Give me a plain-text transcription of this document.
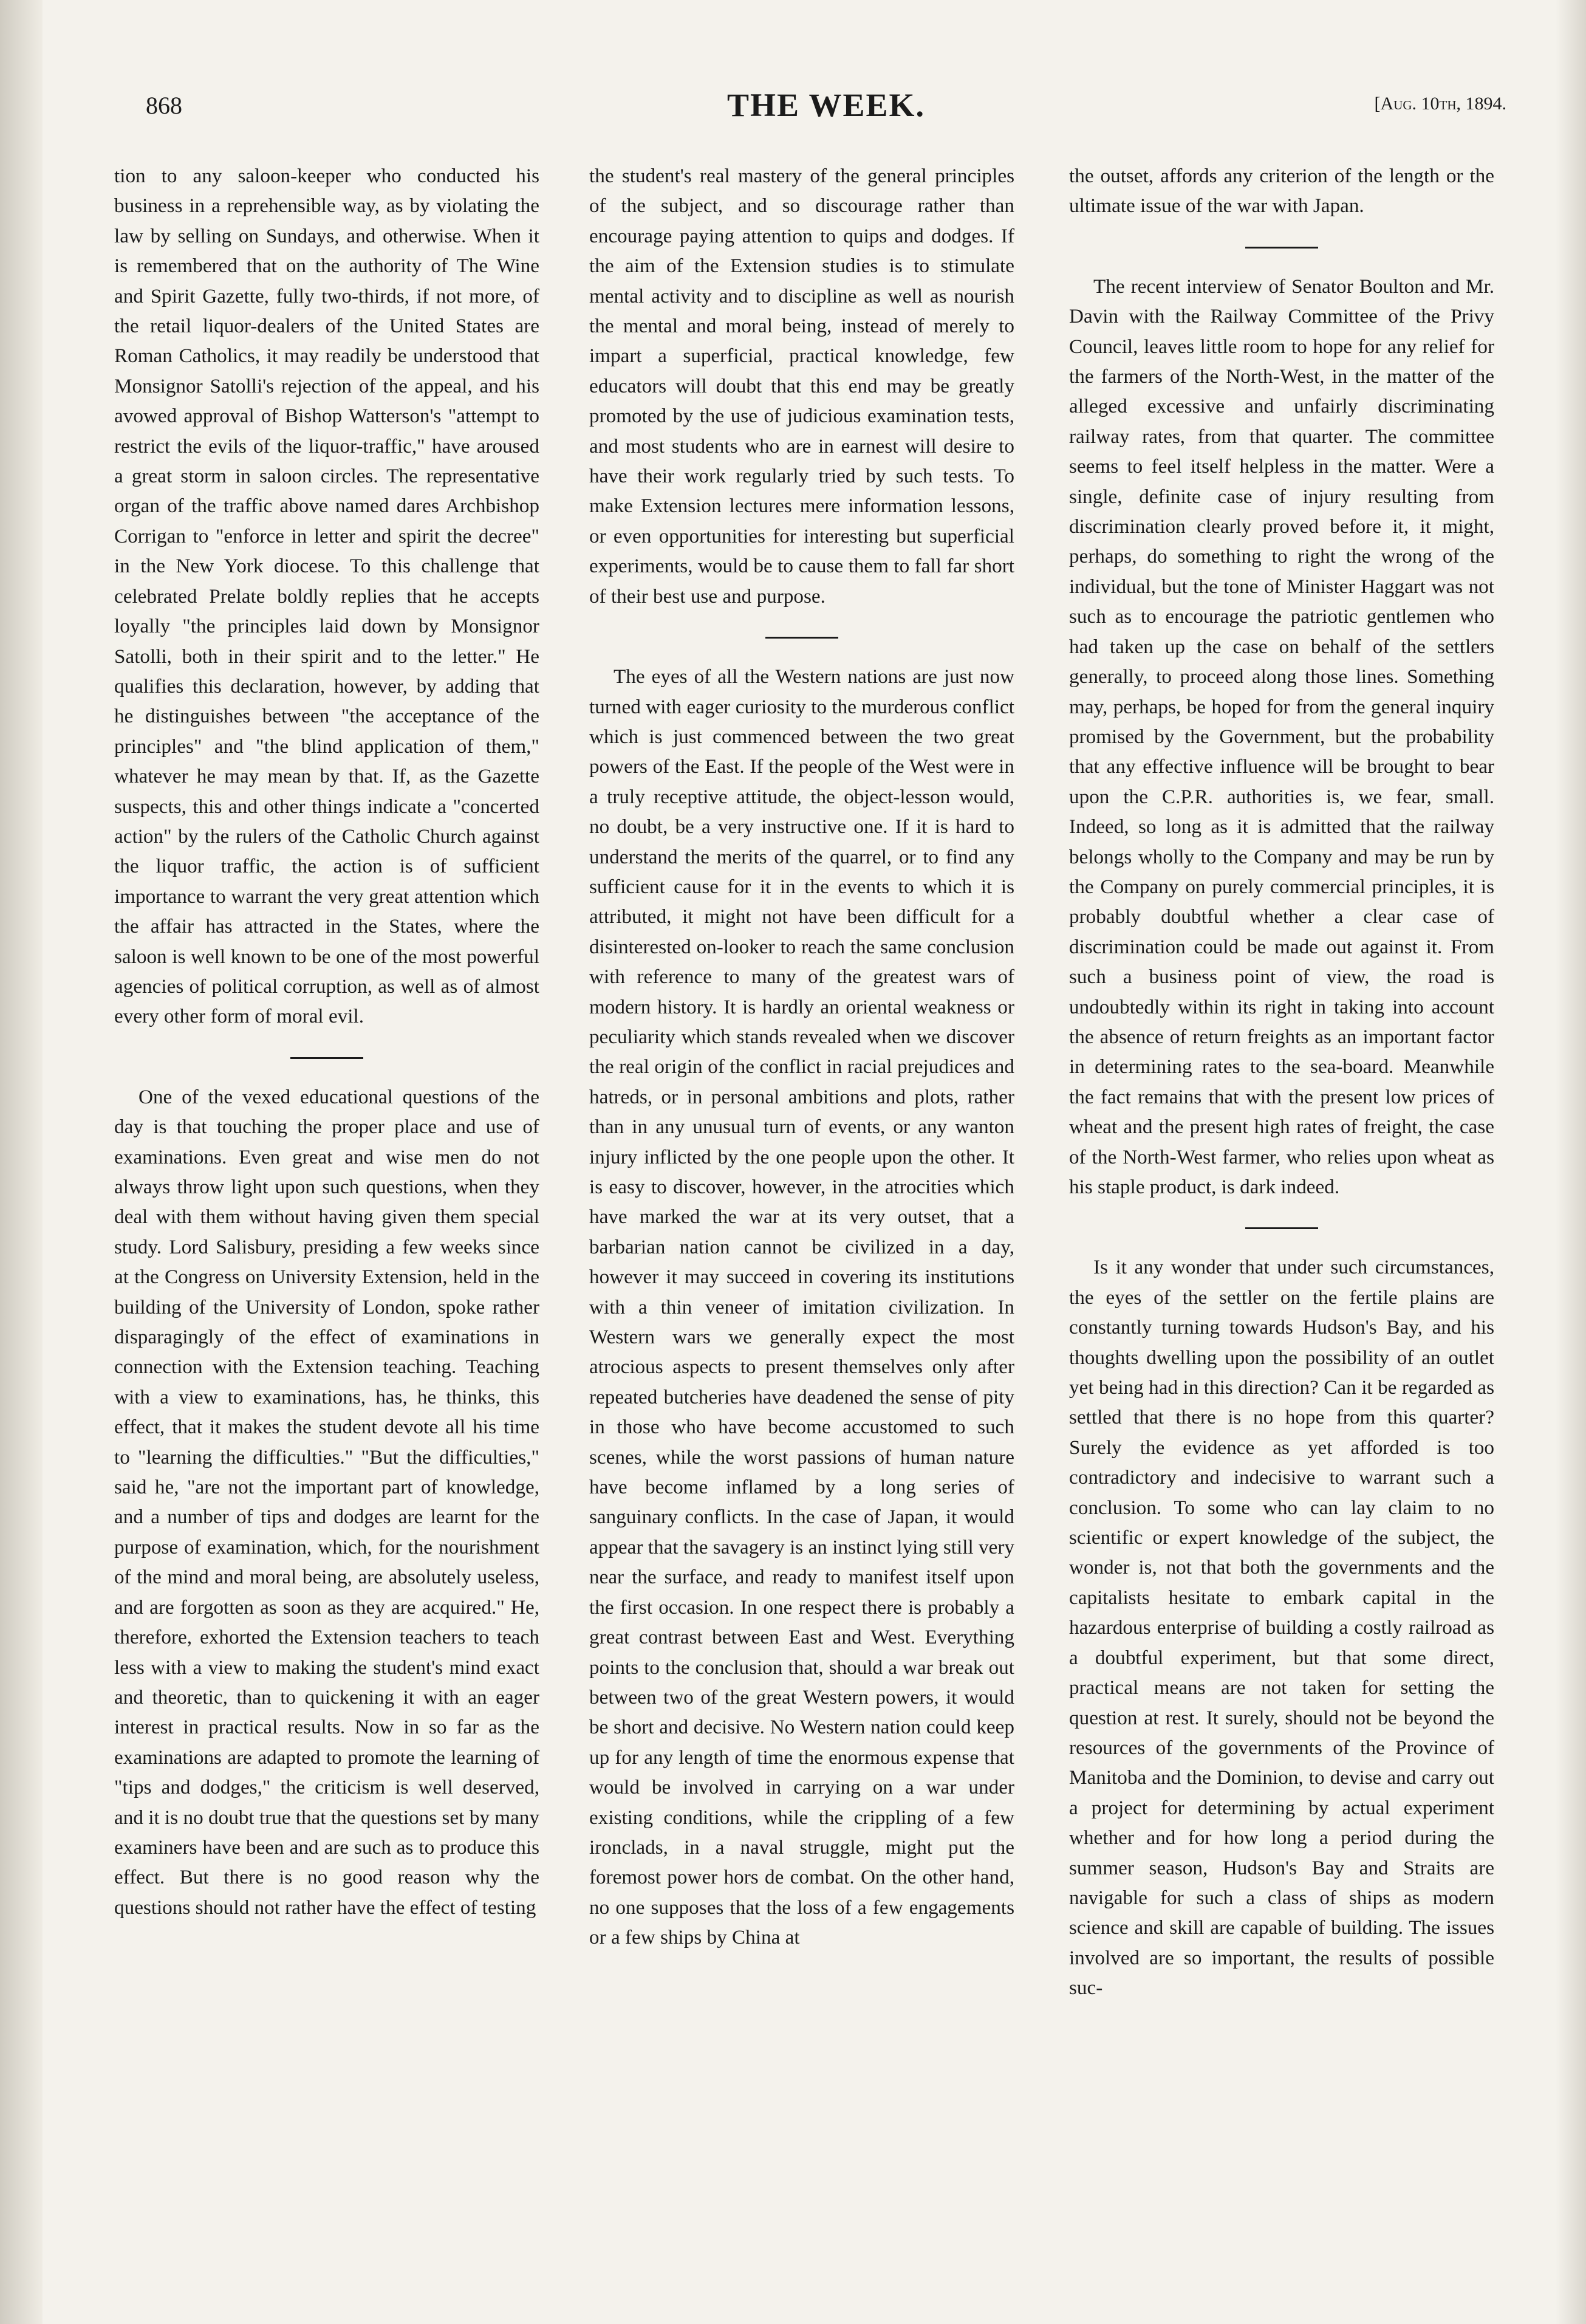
868	THE WEEK.	[Aug. 10th, 1894.

tion to any saloon-keeper who conducted his business in a reprehensible way, as by violating the law by selling on Sundays, and otherwise. When it is remembered that on the authority of The Wine and Spirit Gazette, fully two-thirds, if not more, of the retail liquor-dealers of the United States are Roman Catholics, it may readily be understood that Monsignor Satolli's rejection of the appeal, and his avowed approval of Bishop Watterson's "attempt to restrict the evils of the liquor-traffic," have aroused a great storm in saloon circles. The representative organ of the traffic above named dares Archbishop Corrigan to "enforce in letter and spirit the decree" in the New York diocese. To this challenge that celebrated Prelate boldly replies that he accepts loyally "the principles laid down by Monsignor Satolli, both in their spirit and to the letter." He qualifies this declaration, however, by adding that he distinguishes between "the acceptance of the principles" and "the blind application of them," whatever he may mean by that. If, as the Gazette suspects, this and other things indicate a "concerted action" by the rulers of the Catholic Church against the liquor traffic, the action is of sufficient importance to warrant the very great attention which the affair has attracted in the States, where the saloon is well known to be one of the most powerful agencies of political corruption, as well as of almost every other form of moral evil.

One of the vexed educational questions of the day is that touching the proper place and use of examinations. Even great and wise men do not always throw light upon such questions, when they deal with them without having given them special study. Lord Salisbury, presiding a few weeks since at the Congress on University Extension, held in the building of the University of London, spoke rather disparagingly of the effect of examinations in connection with the Extension teaching. Teaching with a view to examinations, has, he thinks, this effect, that it makes the student devote all his time to "learning the difficulties." "But the difficulties," said he, "are not the important part of knowledge, and a number of tips and dodges are learnt for the purpose of examination, which, for the nourishment of the mind and moral being, are absolutely useless, and are forgotten as soon as they are acquired." He, therefore, exhorted the Extension teachers to teach less with a view to making the student's mind exact and theoretic, than to quickening it with an eager interest in practical results. Now in so far as the examinations are adapted to promote the learning of "tips and dodges," the criticism is well deserved, and it is no doubt true that the questions set by many examiners have been and are such as to produce this effect. But there is no good reason why the questions should not rather have the effect of testing

the student's real mastery of the general principles of the subject, and so discourage rather than encourage paying attention to quips and dodges. If the aim of the Extension studies is to stimulate mental activity and to discipline as well as nourish the mental and moral being, instead of merely to impart a superficial, practical knowledge, few educators will doubt that this end may be greatly promoted by the use of judicious examination tests, and most students who are in earnest will desire to have their work regularly tried by such tests. To make Extension lectures mere information lessons, or even opportunities for interesting but superficial experiments, would be to cause them to fall far short of their best use and purpose.

The eyes of all the Western nations are just now turned with eager curiosity to the murderous conflict which is just commenced between the two great powers of the East. If the people of the West were in a truly receptive attitude, the object-lesson would, no doubt, be a very instructive one. If it is hard to understand the merits of the quarrel, or to find any sufficient cause for it in the events to which it is attributed, it might not have been difficult for a disinterested on-looker to reach the same conclusion with reference to many of the greatest wars of modern history. It is hardly an oriental weakness or peculiarity which stands revealed when we discover the real origin of the conflict in racial prejudices and hatreds, or in personal ambitions and plots, rather than in any unusual turn of events, or any wanton injury inflicted by the one people upon the other. It is easy to discover, however, in the atrocities which have marked the war at its very outset, that a barbarian nation cannot be civilized in a day, however it may succeed in covering its institutions with a thin veneer of imitation civilization. In Western wars we generally expect the most atrocious aspects to present themselves only after repeated butcheries have deadened the sense of pity in those who have become accustomed to such scenes, while the worst passions of human nature have become inflamed by a long series of sanguinary conflicts. In the case of Japan, it would appear that the savagery is an instinct lying still very near the surface, and ready to manifest itself upon the first occasion. In one respect there is probably a great contrast between East and West. Everything points to the conclusion that, should a war break out between two of the great Western powers, it would be short and decisive. No Western nation could keep up for any length of time the enormous expense that would be involved in carrying on a war under existing conditions, while the crippling of a few ironclads, in a naval struggle, might put the foremost power hors de combat. On the other hand, no one supposes that the loss of a few engagements or a few ships by China at

the outset, affords any criterion of the length or the ultimate issue of the war with Japan.

The recent interview of Senator Boulton and Mr. Davin with the Railway Committee of the Privy Council, leaves little room to hope for any relief for the farmers of the North-West, in the matter of the alleged excessive and unfairly discriminating railway rates, from that quarter. The committee seems to feel itself helpless in the matter. Were a single, definite case of injury resulting from discrimination clearly proved before it, it might, perhaps, do something to right the wrong of the individual, but the tone of Minister Haggart was not such as to encourage the patriotic gentlemen who had taken up the case on behalf of the settlers generally, to proceed along those lines. Something may, perhaps, be hoped for from the general inquiry promised by the Government, but the probability that any effective influence will be brought to bear upon the C.P.R. authorities is, we fear, small. Indeed, so long as it is admitted that the railway belongs wholly to the Company and may be run by the Company on purely commercial principles, it is probably doubtful whether a clear case of discrimination could be made out against it. From such a business point of view, the road is undoubtedly within its right in taking into account the absence of return freights as an important factor in determining rates to the sea-board. Meanwhile the fact remains that with the present low prices of wheat and the present high rates of freight, the case of the North-West farmer, who relies upon wheat as his staple product, is dark indeed.

Is it any wonder that under such circumstances, the eyes of the settler on the fertile plains are constantly turning towards Hudson's Bay, and his thoughts dwelling upon the possibility of an outlet yet being had in this direction? Can it be regarded as settled that there is no hope from this quarter? Surely the evidence as yet afforded is too contradictory and indecisive to warrant such a conclusion. To some who can lay claim to no scientific or expert knowledge of the subject, the wonder is, not that both the governments and the capitalists hesitate to embark capital in the hazardous enterprise of building a costly railroad as a doubtful experiment, but that some direct, practical means are not taken for setting the question at rest. It surely, should not be beyond the resources of the governments of the Province of Manitoba and the Dominion, to devise and carry out a project for determining by actual experiment whether and for how long a period during the summer season, Hudson's Bay and Straits are navigable for such a class of ships as modern science and skill are capable of building. The issues involved are so important, the results of possible suc-
